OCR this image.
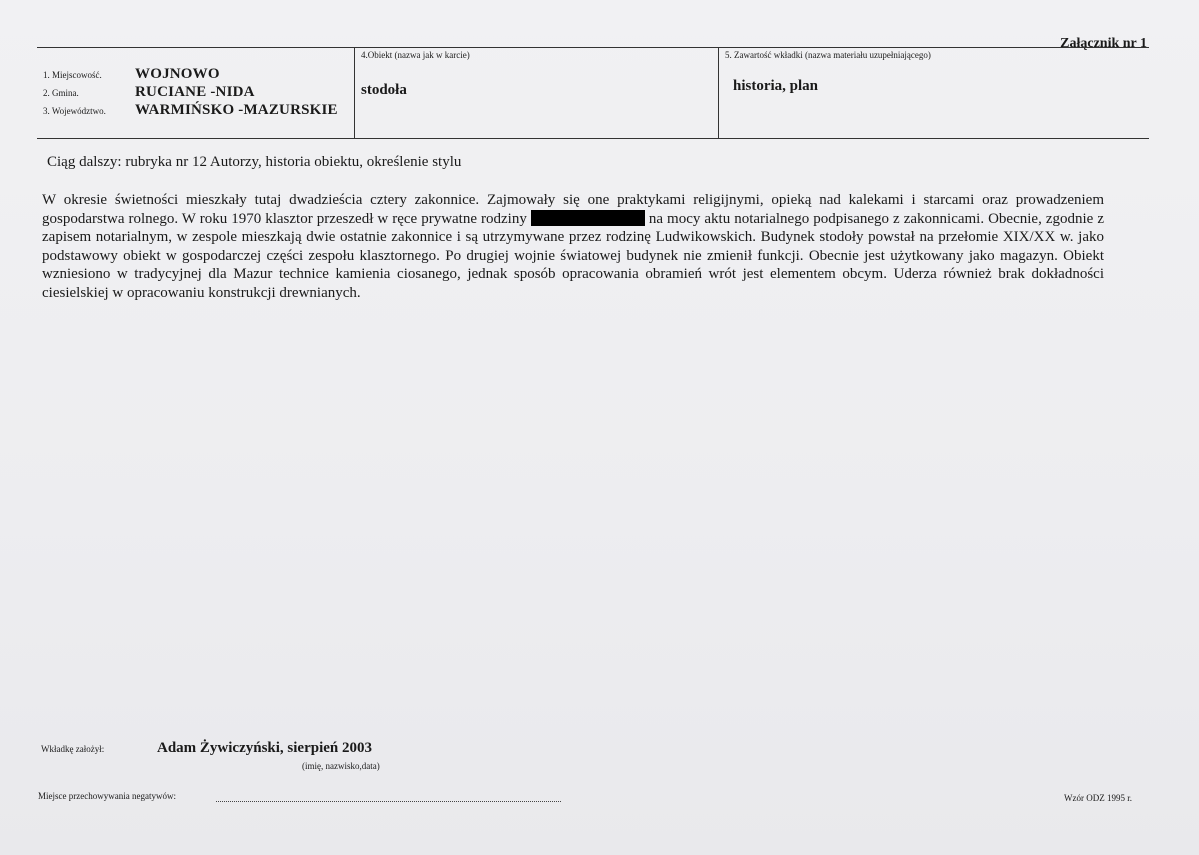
Załącznik nr 1
1. Miejscowość.	WOJNOWO
2. Gmina.	RUCIANE -NIDA
3. Województwo.	WARMIŃSKO -MAZURSKIE
4.Obiekt (nazwa jak w karcie)
stodoła
5. Zawartość wkładki (nazwa materiału uzupełniającego)
historia, plan
Ciąg dalszy: rubryka nr 12 Autorzy, historia obiektu, określenie stylu
W okresie świetności mieszkały tutaj dwadzieścia cztery zakonnice. Zajmowały się one praktykami religijnymi, opieką nad kalekami i starcami oraz prowadzeniem gospodarstwa rolnego. W roku 1970 klasztor przeszedł w ręce prywatne rodziny	na mocy aktu notarialnego podpisanego z zakonnicami. Obecnie, zgodnie z zapisem notarialnym, w zespole mieszkają dwie ostatnie zakonnice i są utrzymywane przez rodzinę Ludwikowskich. Budynek stodoły powstał na przełomie XIX/XX w. jako podstawowy obiekt w gospodarczej części zespołu klasztornego. Po drugiej wojnie światowej budynek nie zmienił funkcji. Obecnie jest użytkowany jako magazyn. Obiekt wzniesiono w tradycyjnej dla Mazur technice kamienia ciosanego, jednak sposób opracowania obramień wrót jest elementem obcym. Uderza również brak dokładności ciesielskiej w opracowaniu konstrukcji drewnianych.
Wkładkę założył:	Adam Żywiczyński, sierpień 2003
(imię, nazwisko,data)
Miejsce przechowywania negatywów:	Wzór ODZ 1995 r.
